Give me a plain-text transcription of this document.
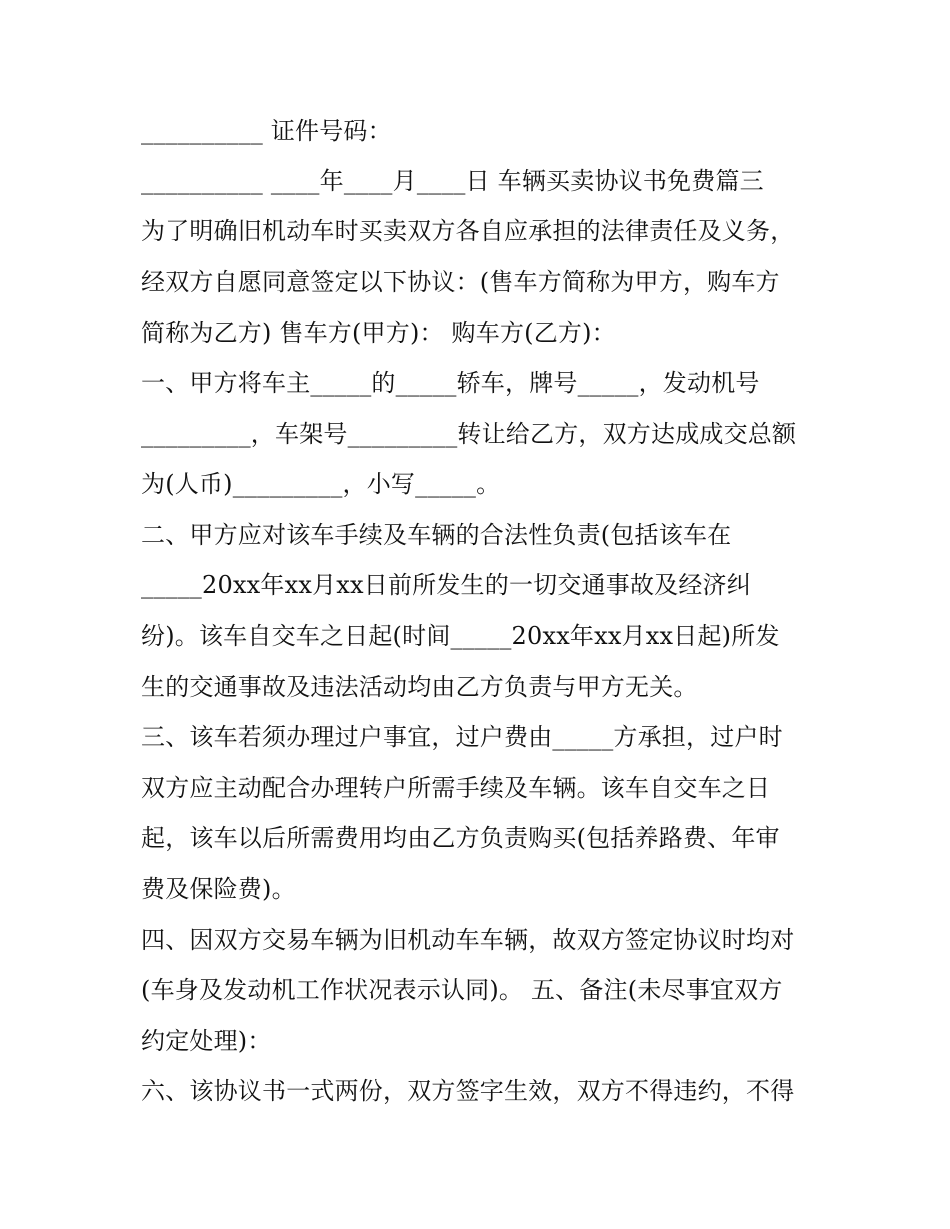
__________ 证件号码：
__________ ____年____月____日 车辆买卖协议书免费篇三
为了明确旧机动车时买卖双方各自应承担的法律责任及义务，
经双方自愿同意签定以下协议：(售车方简称为甲方，购车方
简称为乙方) 售车方(甲方)： 购车方(乙方)：
一、甲方将车主_____的_____轿车，牌号_____，发动机号
_________，车架号_________转让给乙方，双方达成成交总额
为(人币)_________，小写_____。
二、甲方应对该车手续及车辆的合法性负责(包括该车在
_____20xx年xx月xx日前所发生的一切交通事故及经济纠
纷)。该车自交车之日起(时间_____20xx年xx月xx日起)所发
生的交通事故及违法活动均由乙方负责与甲方无关。
三、该车若须办理过户事宜，过户费由_____方承担，过户时
双方应主动配合办理转户所需手续及车辆。该车自交车之日
起，该车以后所需费用均由乙方负责购买(包括养路费、年审
费及保险费)。
四、因双方交易车辆为旧机动车车辆，故双方签定协议时均对
(车身及发动机工作状况表示认同)。 五、备注(未尽事宜双方
约定处理)：
六、该协议书一式两份，双方签字生效，双方不得违约，不得
